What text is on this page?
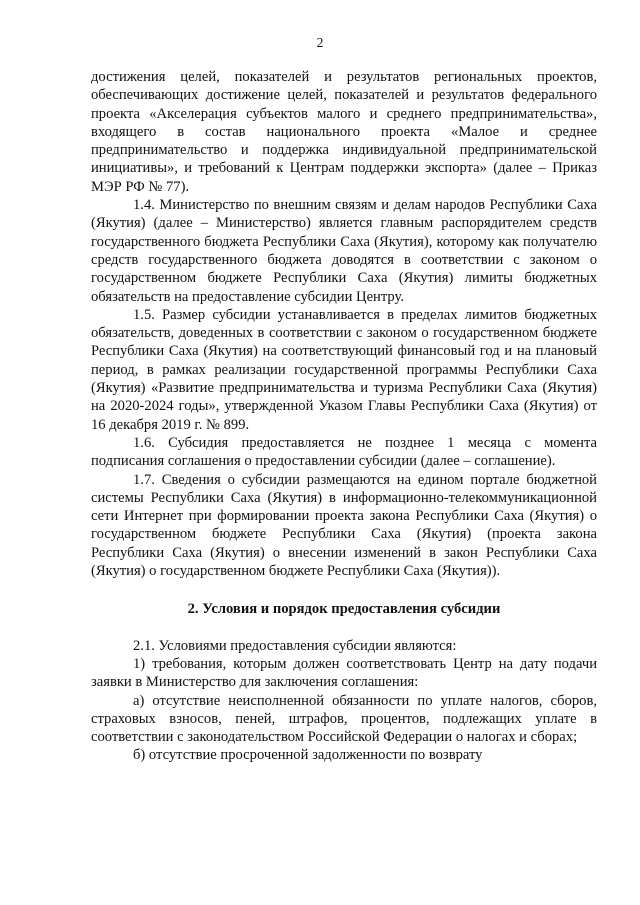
2

достижения целей, показателей и результатов региональных проектов, обеспечивающих достижение целей, показателей и результатов федерального проекта «Акселерация субъектов малого и среднего предпринимательства», входящего в состав национального проекта «Малое и среднее предпринимательство и поддержка индивидуальной предпринимательской инициативы», и требований к Центрам поддержки экспорта» (далее – Приказ МЭР РФ № 77).

1.4. Министерство по внешним связям и делам народов Республики Саха (Якутия) (далее – Министерство) является главным распорядителем средств государственного бюджета Республики Саха (Якутия), которому как получателю средств государственного бюджета доводятся в соответствии с законом о государственном бюджете Республики Саха (Якутия) лимиты бюджетных обязательств на предоставление субсидии Центру.

1.5. Размер субсидии устанавливается в пределах лимитов бюджетных обязательств, доведенных в соответствии с законом о государственном бюджете Республики Саха (Якутия) на соответствующий финансовый год и на плановый период, в рамках реализации государственной программы Республики Саха (Якутия) «Развитие предпринимательства и туризма Республики Саха (Якутия) на 2020-2024 годы», утвержденной Указом Главы Республики Саха (Якутия) от 16 декабря 2019 г. № 899.

1.6. Субсидия предоставляется не позднее 1 месяца с момента подписания соглашения о предоставлении субсидии (далее – соглашение).

1.7. Сведения о субсидии размещаются на едином портале бюджетной системы Республики Саха (Якутия) в информационно-телекоммуникационной сети Интернет при формировании проекта закона Республики Саха (Якутия) о государственном бюджете Республики Саха (Якутия) (проекта закона Республики Саха (Якутия) о внесении изменений в закон Республики Саха (Якутия) о государственном бюджете Республики Саха (Якутия)).

2. Условия и порядок предоставления субсидии

2.1. Условиями предоставления субсидии являются:

1) требования, которым должен соответствовать Центр на дату подачи заявки в Министерство для заключения соглашения:

а) отсутствие неисполненной обязанности по уплате налогов, сборов, страховых взносов, пеней, штрафов, процентов, подлежащих уплате в соответствии с законодательством Российской Федерации о налогах и сборах;

б) отсутствие просроченной задолженности по возврату
